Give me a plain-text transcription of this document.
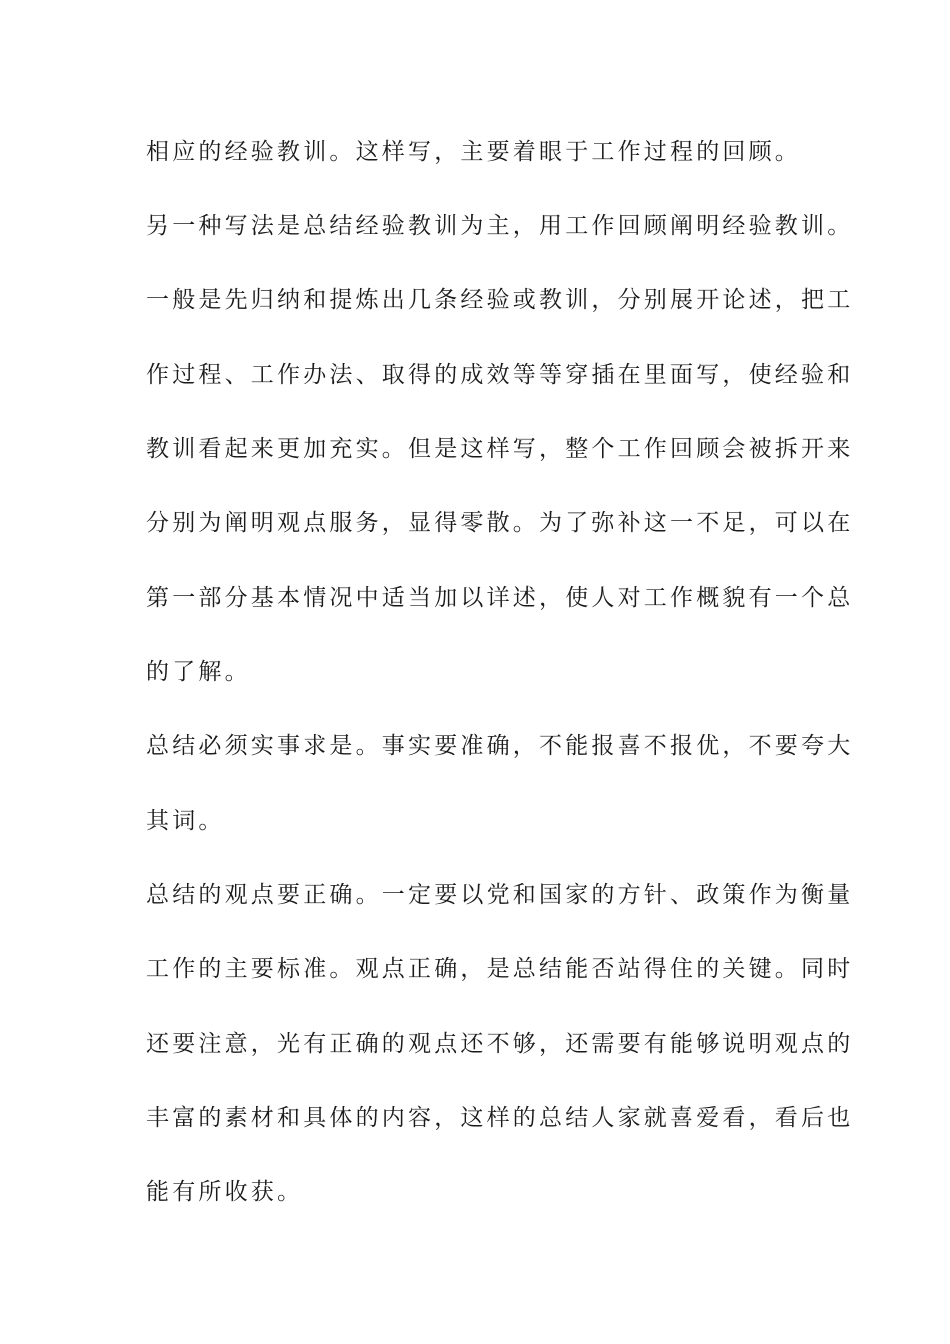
相应的经验教训。这样写，主要着眼于工作过程的回顾。
另一种写法是总结经验教训为主，用工作回顾阐明经验教训。
一般是先归纳和提炼出几条经验或教训，分别展开论述，把工
作过程、工作办法、取得的成效等等穿插在里面写，使经验和
教训看起来更加充实。但是这样写，整个工作回顾会被拆开来
分别为阐明观点服务，显得零散。为了弥补这一不足，可以在
第一部分基本情况中适当加以详述，使人对工作概貌有一个总
的了解。
总结必须实事求是。事实要准确，不能报喜不报优，不要夸大
其词。
总结的观点要正确。一定要以党和国家的方针、政策作为衡量
工作的主要标准。观点正确，是总结能否站得住的关键。同时
还要注意，光有正确的观点还不够，还需要有能够说明观点的
丰富的素材和具体的内容，这样的总结人家就喜爱看，看后也
能有所收获。
